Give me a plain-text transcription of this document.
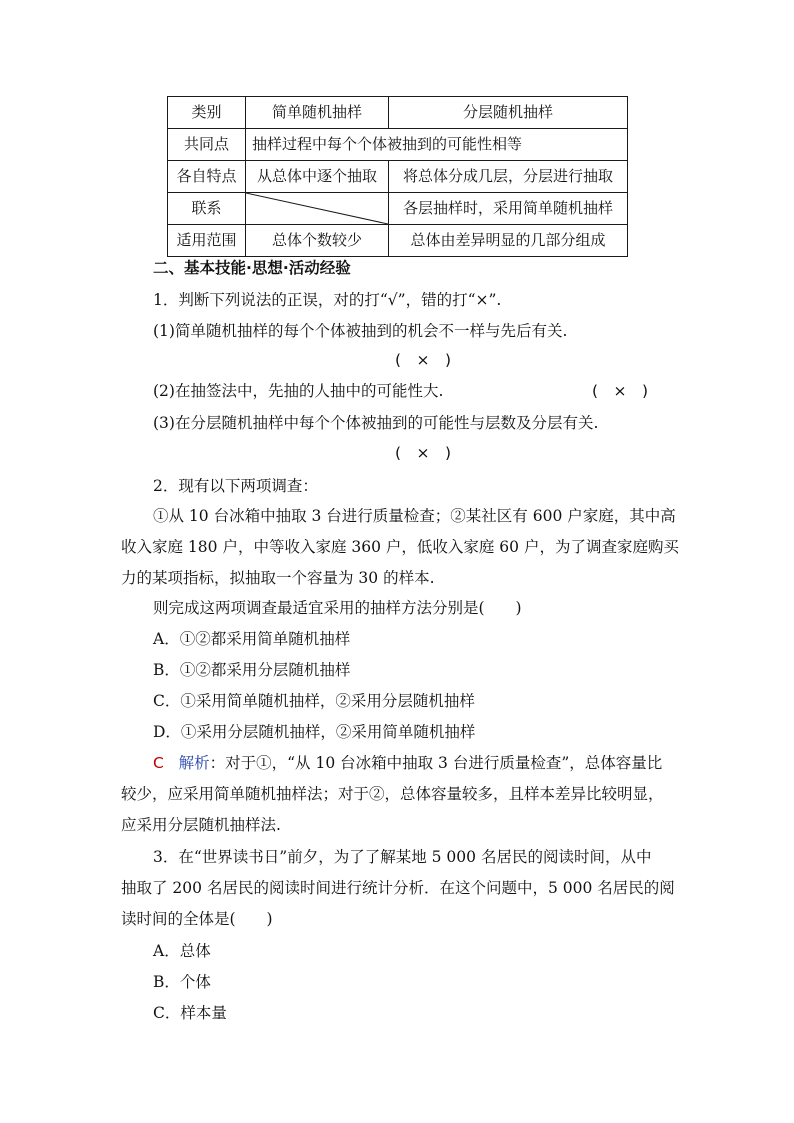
类别	简单随机抽样	分层随机抽样
共同点	抽样过程中每个个体被抽到的可能性相等	
各自特点	从总体中逐个抽取	将总体分成几层，分层进行抽取
联系		各层抽样时，采用简单随机抽样
适用范围	总体个数较少	总体由差异明显的几部分组成
二、基本技能·思想·活动经验
1．判断下列说法的正误，对的打“√”，错的打“×”.
(1)简单随机抽样的每个个体被抽到的机会不一样与先后有关.
(　×　)
(2)在抽签法中，先抽的人抽中的可能性大.	(　×　)
(3)在分层随机抽样中每个个体被抽到的可能性与层数及分层有关.
(　×　)
2．现有以下两项调查：
①从 10 台冰箱中抽取 3 台进行质量检查；②某社区有 600 户家庭，其中高
收入家庭 180 户，中等收入家庭 360 户，低收入家庭 60 户，为了调查家庭购买
力的某项指标，拟抽取一个容量为 30 的样本.
则完成这两项调查最适宜采用的抽样方法分别是(　　)
A．①②都采用简单随机抽样
B．①②都采用分层随机抽样
C．①采用简单随机抽样，②采用分层随机抽样
D．①采用分层随机抽样，②采用简单随机抽样
C 解析：对于①，“从 10 台冰箱中抽取 3 台进行质量检查”，总体容量比
较少，应采用简单随机抽样法；对于②，总体容量较多，且样本差异比较明显，
应采用分层随机抽样法.
3．在“世界读书日”前夕，为了了解某地 5 000 名居民的阅读时间，从中
抽取了 200 名居民的阅读时间进行统计分析．在这个问题中，5 000 名居民的阅
读时间的全体是(　　)
A．总体
B．个体
C．样本量
